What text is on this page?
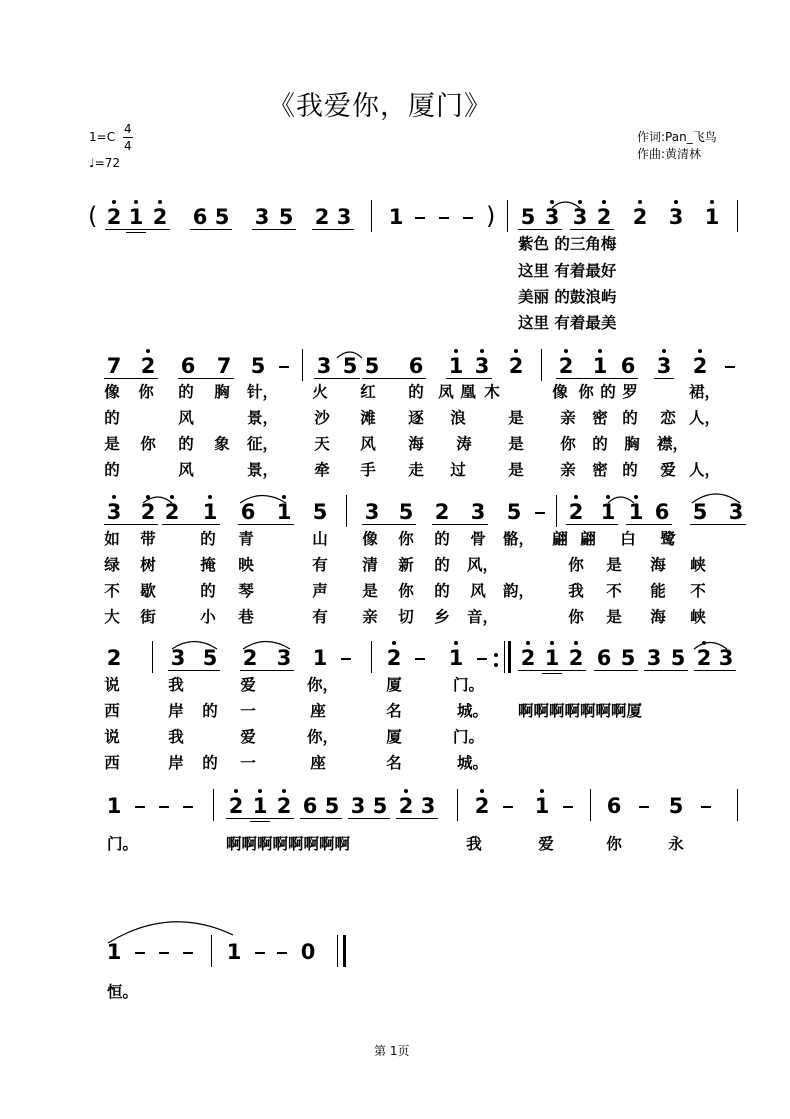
《我爱你，厦门》
1=C
4
4
♩=72
作词:Pan_飞鸟
作曲:黄清林
( 2 1 2 6 5 3 5 2 3 1	) 5 3 3 2 2 3 1
紫色 的三角梅
这里 有着最好
美丽 的鼓浪屿
这里 有着最美
7 2 6 7 5 3 5 5 6 1 3 2 2 1 6 3 2
像 你 的 胸 针， 火 红 的 凤 凰 木	像 你 的 罗	裙，
的	风	景， 沙 滩 逐 浪	是 亲 密 的 恋 人，
是 你 的 象 征， 天 风 海 涛 是 你 的 胸 襟，
的	风	景， 牵 手 走 过	是 亲 密 的 爱 人，
3 2 2 1 6 1 5 3 5 2 3 5 2 1 1 6 5 3
如 带	的 青	山 像 你 的 骨 骼， 翩 翩 白 鹭
绿 树	掩 映	有 清 新 的 风，	你 是 海 峡
不 歇	的 琴	声 是 你 的 风 韵， 我 不 能 不
大 街	小 巷	有 亲 切 乡 音，	你 是 海 峡
2 3 5 2 3 1	2 1	2 1 2 6 5 3 5 2 3
说	我	爱	你，	厦	门。
西	岸 的 一	座	名	城。 啊啊啊啊啊啊啊厦
说	我	爱	你，	厦	门。
西	岸 的 一	座	名	城。
1	2 1 2 6 5 3 5 2 3 2 1	6 5
门。	啊啊啊啊啊啊啊啊	我	爱	你	永
1	1	0
恒。
第 1页
